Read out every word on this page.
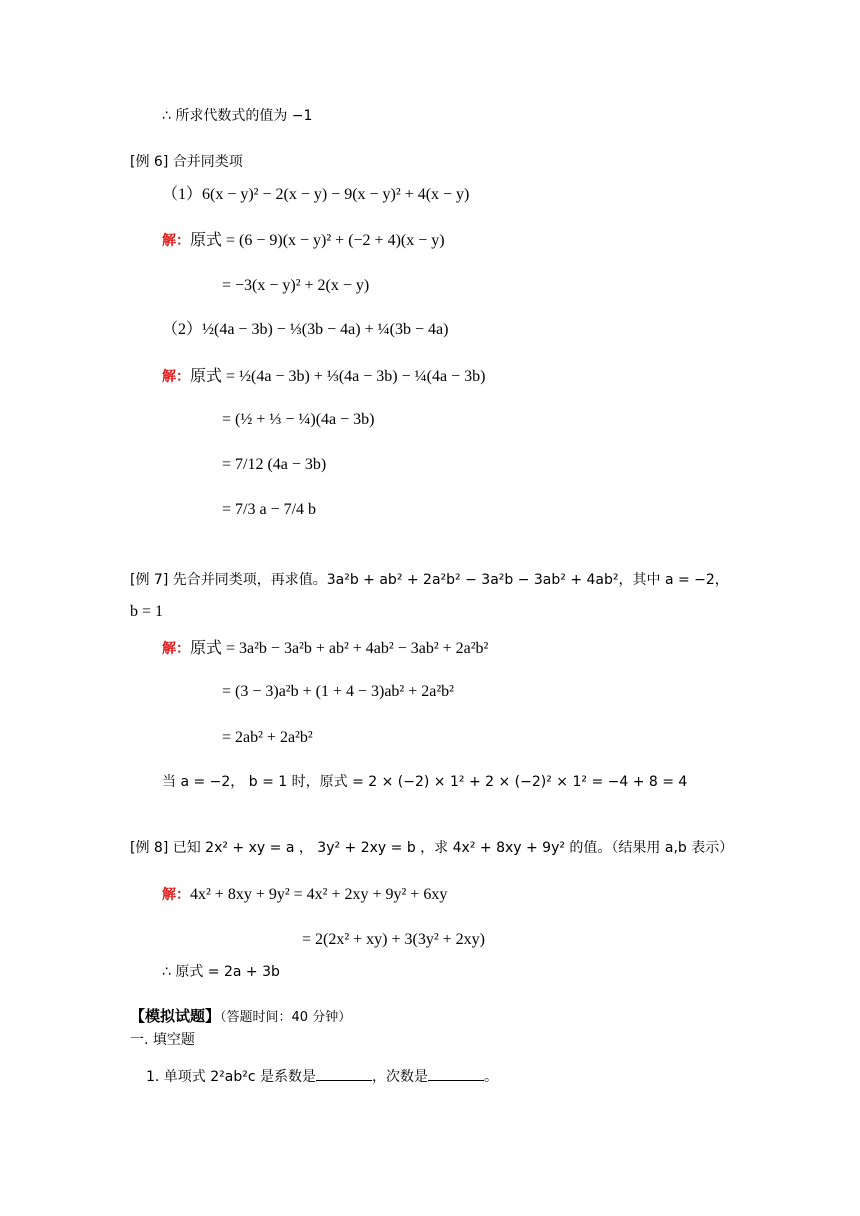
∴ 所求代数式的值为 −1
[例 6] 合并同类项
（1）6(x − y)² − 2(x − y) − 9(x − y)² + 4(x − y)
解：原式 = (6 − 9)(x − y)² + (−2 + 4)(x − y)
= −3(x − y)² + 2(x − y)
（2）½(4a − 3b) − ⅓(3b − 4a) + ¼(3b − 4a)
解：原式 = ½(4a − 3b) + ⅓(4a − 3b) − ¼(4a − 3b)
= (½ + ⅓ − ¼)(4a − 3b)
= 7/12 (4a − 3b)
= 7/3 a − 7/4 b
[例 7] 先合并同类项，再求值。3a²b + ab² + 2a²b² − 3a²b − 3ab² + 4ab²，其中 a = −2，
b = 1
解：原式 = 3a²b − 3a²b + ab² + 4ab² − 3ab² + 2a²b²
= (3 − 3)a²b + (1 + 4 − 3)ab² + 2a²b²
= 2ab² + 2a²b²
当 a = −2， b = 1 时，原式 = 2 × (−2) × 1² + 2 × (−2)² × 1² = −4 + 8 = 4
[例 8] 已知 2x² + xy = a ， 3y² + 2xy = b ，求 4x² + 8xy + 9y² 的值。（结果用 a,b 表示）
解：4x² + 8xy + 9y² = 4x² + 2xy + 9y² + 6xy
= 2(2x² + xy) + 3(3y² + 2xy)
∴ 原式 = 2a + 3b
【模拟试题】（答题时间：40 分钟）
一. 填空题
1. 单项式 2²ab²c 是系数是	，次数是	。
